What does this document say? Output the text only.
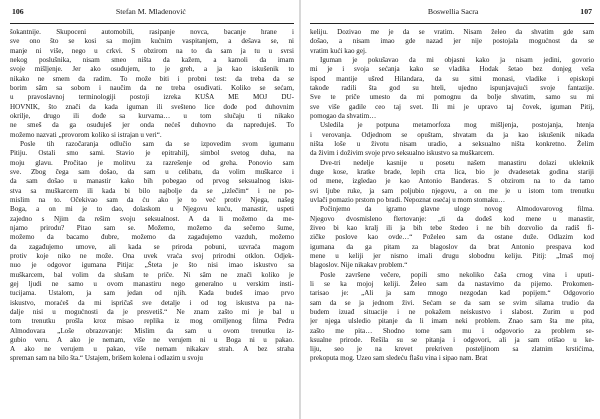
106	Stefan M. Mladenović
šokantnije. Skupoceni automobili, rasipanje novca, bacanje hrane i
sve ono što se kosi sa mojim kućnim vaspitanjem, a dešava se, ni
manje ni više, nego u crkvi. S obzirom na to da sam ja tu u svrsi
nekog poslušnika, nisam smeo ništa da kažem, a kamoli da imam
svoje mišljenje. Jer ako osuđujem, to je greh, a ja kao iskušenik to
nikako ne smem da radim. To može biti i probni test: da treba da se
borim sâm sa sobom i naučim da ne treba osuđivati. Koliko se sećam,
u pravoslavnoj terminologiji postoji izreka KUŠA ME MOJ DU-
HOVNIK, što znači da kada iguman ili sveštenо lice dođe pod duhovnim
okrilje, drugo ili dođe sa kurvama… u tom slučaju ti nikako
ne smeš da ga osuđuješ jer onda nećeš duhovno da napreduješ. To
možemo nazvati „provorom koliko si istrajan u veri“.
Posle tih razočaranja odlučio sam da se izpovedim svom igumanu
Pitiju. Ostali smo sami. Stavio je epitrahilj, simbol svetog duha, na
moju glavu. Pročitao je molitvu za razrešenje od greha. Ponovio sam
sve. Zbog čega sam došao, da sam u celibatu, da volim muškarce i
da sam došao u manastir kako bih pobegao od prvog seksualnog isku-
stva sa muškarcem ili kada bi bilo najbolje da se „izlečim“ i ne po-
mislim na to. Očekivao sam da ću ako je to već protiv Njega, našeg
Boga, a on mi je to dao, dolaskom u Njegovu kuću, manastir, uspeti
zajedno s Njim da rešim svoju seksualnost. A da li možemo da me-
njamo prirodu? Pitao sam se. Možemo, možemo da sečemo šume,
možemo da bacamo đubre, možemo da zagađujemo vazduh, možemo
da zagađujemo umove, ali kada se priroda pobuni, uzvraća magom
protiv koje niko ne može. Ona uvek vraća svoj prirodni otklon. Odjek-
nuo je odgovor igumana Pitija: „Šteta je što nisi imao iskustvo sa
muškarcem, bal volim da slušam te priče. Ni sâm ne znači koliko je
gej ljudi ne samo u ovom manastiru nego generalno u verskim insti-
tucijama. Ustalom, ja sam jedan od njih. Kada budeš imao prvo
iskustvo, moraćeš da mi ispričaš sve detalje i od tog iskustva pa na-
dalje nisi u mogućnosti da je presvetiš.“ Ne znam zašto mi je bal u
tom trenutku prošla kroz misao replika iz mog omiljenog filma Pedra
Almodovara „Loše obrazovanje: Mislim da sam u ovom trenutku iz-
gubio veru. A ako je nemam, više ne verujem ni u Boga ni u pakao.
A ako ne verujem u pakao, više nemam nikakav strah. A bez straha
spreman sam na bilo šta.“ Ustajem, brišem kolena i odlazim u svoju
Boswellia Sacra	107
keliju. Dozivao me je da se vratim. Nisam želeo da shvatim gde sam
došao, a nisam imao gde nazad jer nije postojala mogućnost da se
vratim kući kao gej.
Iguman je pokušavao da mi objasni kako ja nisam jedini, govorio
mi je i svoja sećanja kako se vladika Hodak šetao bez donjeg veša
ispod mantije ušred Hilandara, da su sitni monasi, vladike i episkopi
takođe radili šta god su hteli, ujedno ispunjavajući svoje fantazije.
Sve te priče umesto da mi pomognu da bolje shvatim, samo su mi
sve više gadile ceo taj svet. Ili mi je upravo taj čovek, iguman Pitij,
pomogao da shvatim…
Usledila je potpuna metamorfoza mog mišljenja, postojanja, htenja
i verovanja. Odjednom se opuštam, shvatam da ja kao iskušenik nikada
ništa loše u životu nisam uradio, a seksualno ništa konkretno. Želim
da živim i doživim svoje prvo seksualno iskustvo sa muškarcem.
Dve-tri nedelje kasnije u posetu našem manastiru dolazi ukleknik
duge kose, kratke brade, lepih crta lica, bio je dvadesetak godina stariji
od mene, izgledao je kao Antonio Banderas. S obzirom na to da tamo
svi ljube ruke, ja sam poljubio njegovu, a on me je u istom tom trenutku
uvlači pomazio prstom po bradi. Nepoznat osećaj u mom stomaku…
Počinjemo da igramo glavne uloge novog Almodovarovog filma.
Njegovo dvosmisleno flertovanje: „ti da dođeš kod mene u manastir,
živeo bi kao kralj ili ja bih tebe štedeo i ne bih dozvolio da radiš fi-
zičke poslove kao ovde…“ Poželeo sam da ostane duže. Odlazim kod
igumana da ga pitam za blagoslov da brat Antonio prespava kod
mene u keliji jer nismo imali drugu slobodnu keliju. Pitij: „Imaš moj
blagoslov. Nije nikakav problem.“
Posle završene večere, popili smo nekoliko čaša crnog vina i uputi-
li se ka mojoj keliji. Želeo sam da nastavimo da pijemo. Prokomen-
tarisao je: „Ali ja sam mnogo nezgodan kad popijem.“ Odgovorio
sam da se ja jednom živi. Sećam se da sam se svim silama trudio da
budem izuađ situacije i ne pokažem neiskustvo i slabost. Zurim u pod
jer njega ulsledio pitanje da li imam neki problem. Znao sam šta me pita,
zašto me pita… Shodno tome sam mu i odgovorio za problem se-
ksualne prirode. Rešila su se pitanja i odgovori, ali ja sam otišao u ke-
liju, seo je na krevet prekriven posteljinom sa zlatnim krstićima,
prekoputa mog. Uzeo sam sledeću flašu vina i sipao nam. Brat
